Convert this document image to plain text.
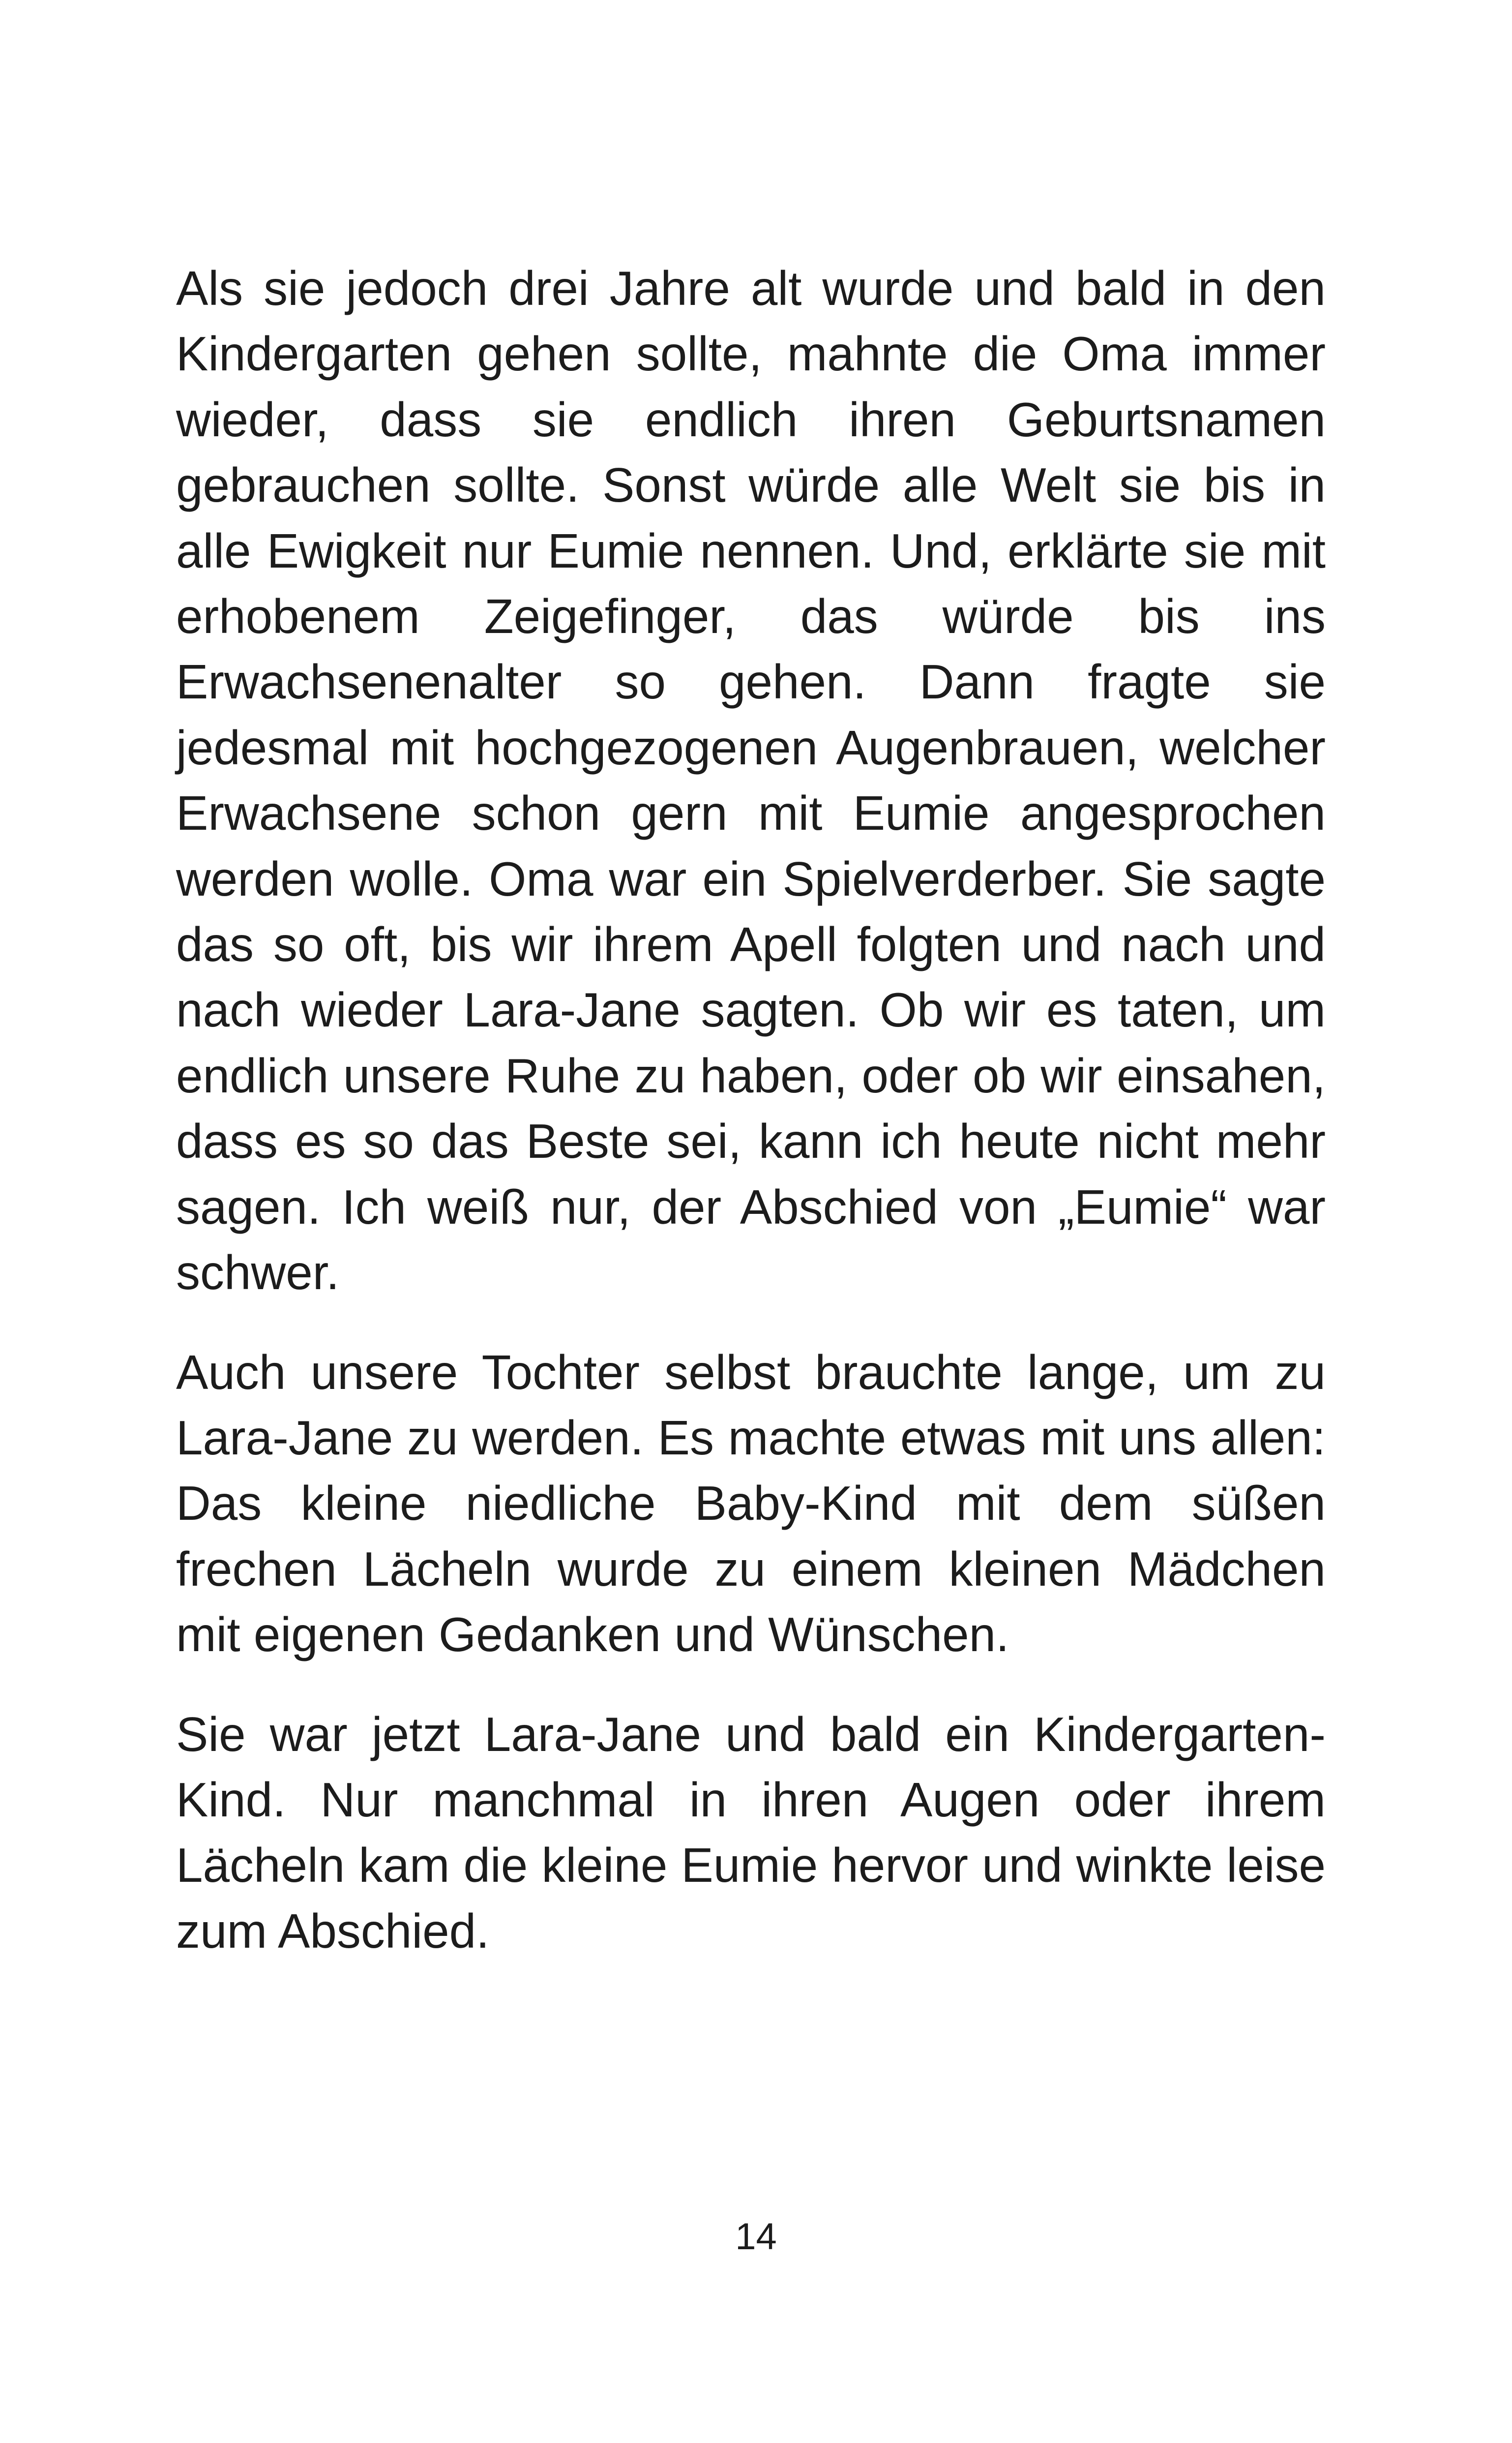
Als sie jedoch drei Jahre alt wurde und bald in den Kindergarten gehen sollte, mahnte die Oma immer wieder, dass sie endlich ihren Geburtsnamen gebrauchen sollte. Sonst würde alle Welt sie bis in alle Ewigkeit nur Eumie nennen. Und, erklärte sie mit erhobenem Zeigefinger, das würde bis ins Erwachsenenalter so gehen. Dann fragte sie jedesmal mit hochgezogenen Augenbrauen, welcher Erwachsene schon gern mit Eumie angesprochen werden wolle. Oma war ein Spielverderber. Sie sagte das so oft, bis wir ihrem Apell folgten und nach und nach wieder Lara-Jane sagten. Ob wir es taten, um endlich unsere Ruhe zu haben, oder ob wir einsahen, dass es so das Beste sei, kann ich heute nicht mehr sagen. Ich weiß nur, der Abschied von „Eumie“ war schwer.

Auch unsere Tochter selbst brauchte lange, um zu Lara-Jane zu werden. Es machte etwas mit uns allen: Das kleine niedliche Baby-Kind mit dem süßen frechen Lächeln wurde zu einem kleinen Mädchen mit eigenen Gedanken und Wünschen.

Sie war jetzt Lara-Jane und bald ein Kindergarten-Kind. Nur manchmal in ihren Augen oder ihrem Lächeln kam die kleine Eumie hervor und winkte leise zum Abschied.

14
